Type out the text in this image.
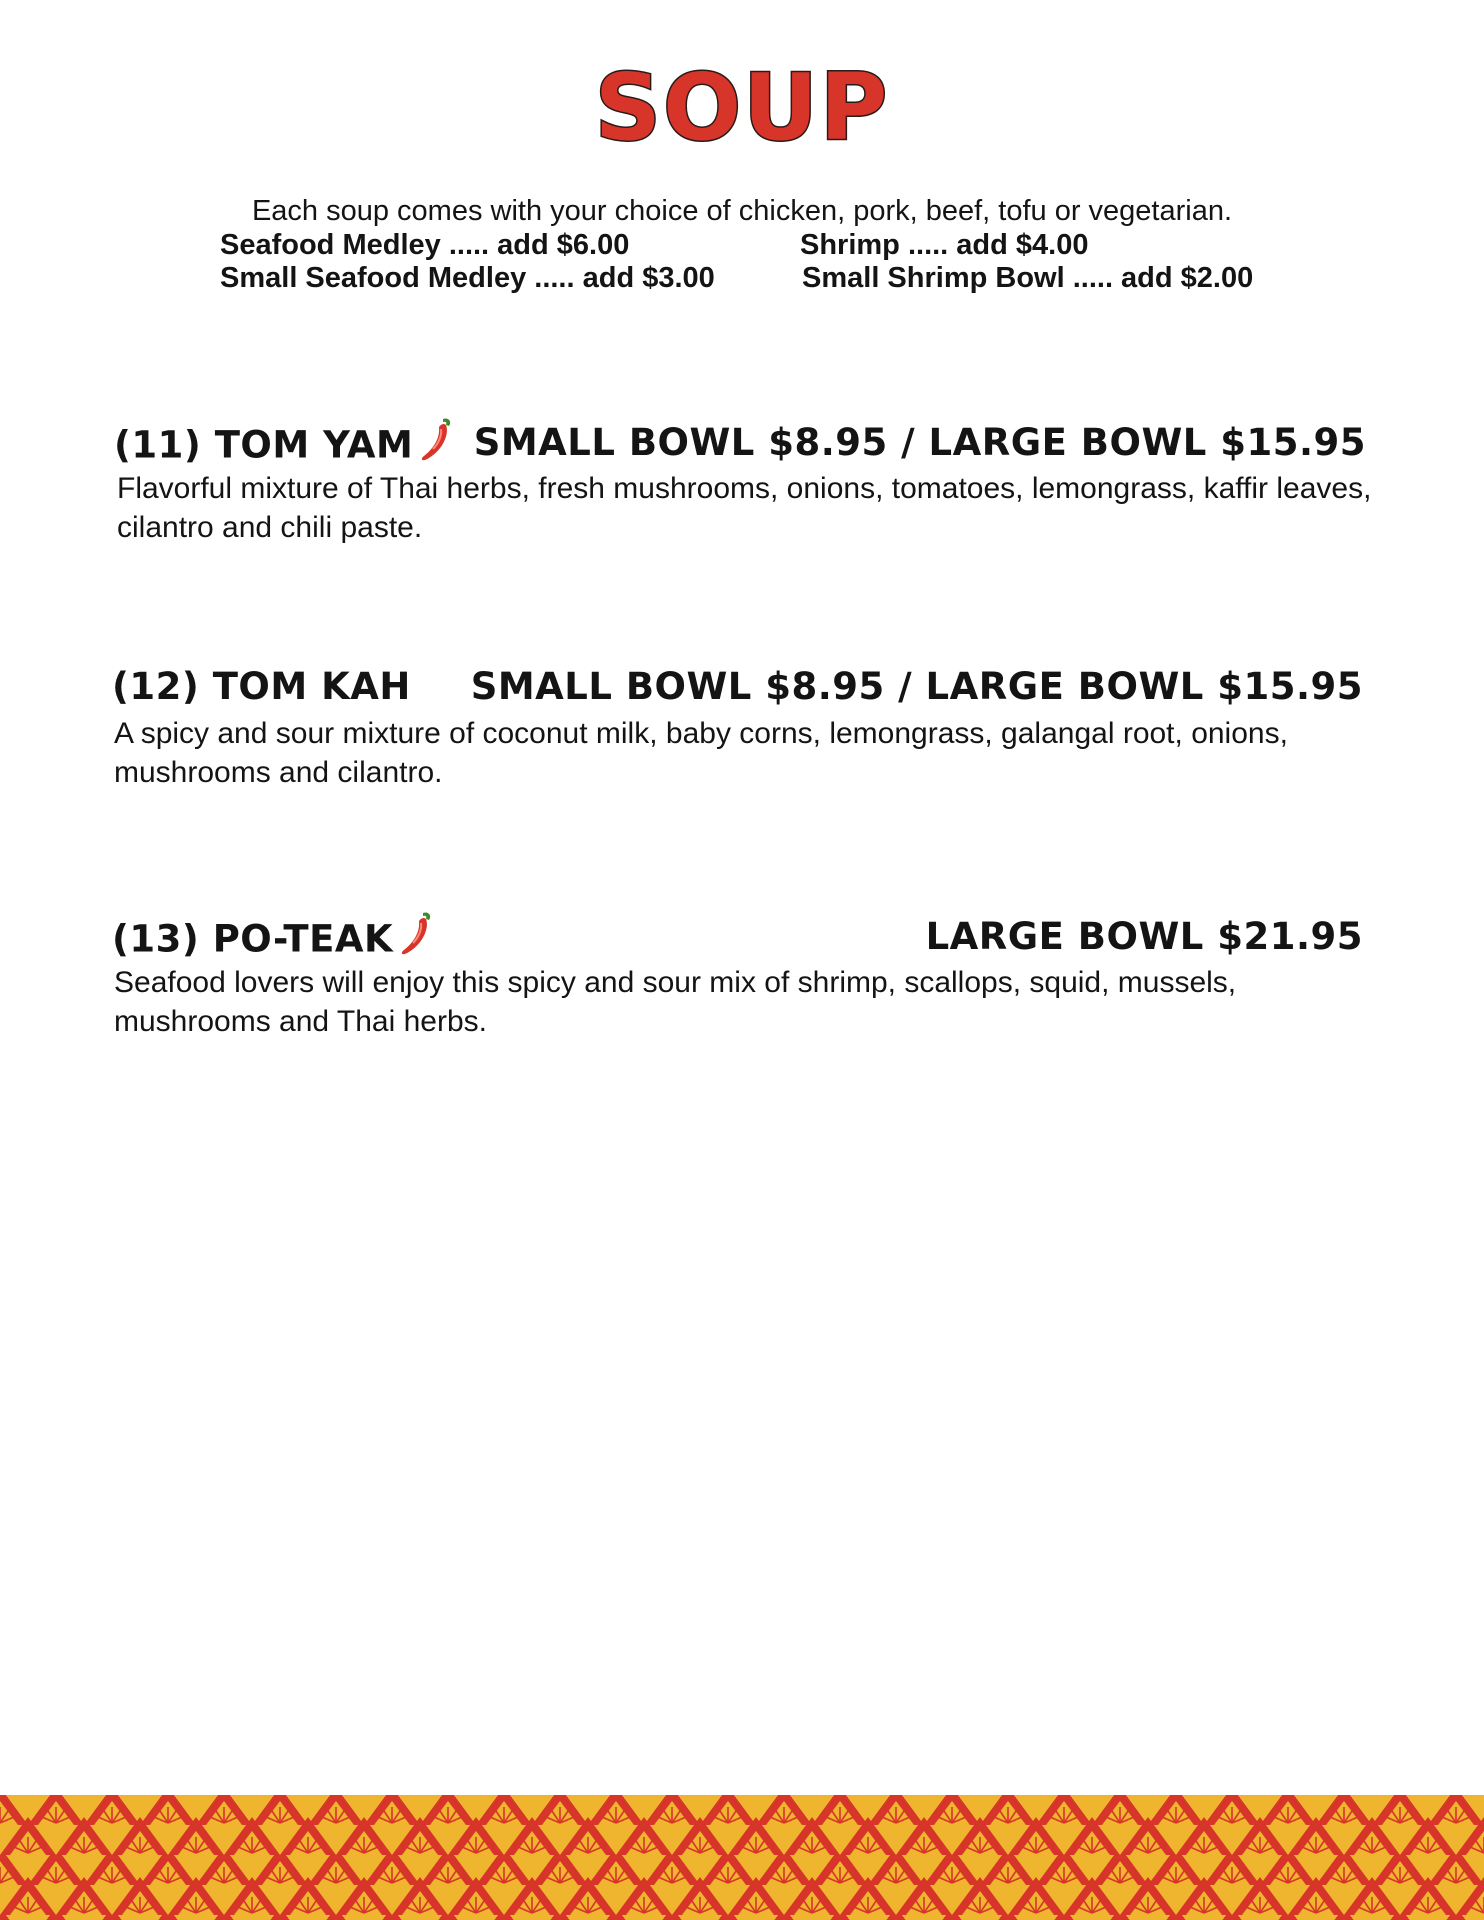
SOUP
Each soup comes with your choice of chicken, pork, beef, tofu or vegetarian.
Seafood Medley ..... add $6.00	Shrimp ..... add $4.00
Small Seafood Medley ..... add $3.00	Small Shrimp Bowl ..... add $2.00
(11) TOM YAM	SMALL BOWL $8.95 / LARGE BOWL $15.95
Flavorful mixture of Thai herbs, fresh mushrooms, onions, tomatoes, lemongrass, kaffir leaves, cilantro and chili paste.
(12) TOM KAH SMALL BOWL $8.95 / LARGE BOWL $15.95
A spicy and sour mixture of coconut milk, baby corns, lemongrass, galangal root, onions, mushrooms and cilantro.
(13) PO-TEAK	LARGE BOWL $21.95
Seafood lovers will enjoy this spicy and sour mix of shrimp, scallops, squid, mussels, mushrooms and Thai herbs.
